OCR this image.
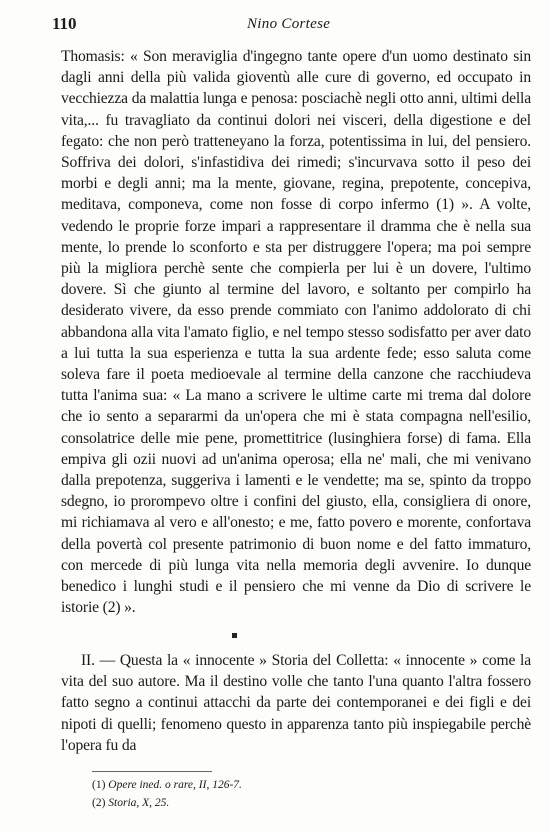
110	Nino Cortese

Thomasis: « Son meraviglia d'ingegno tante opere d'un uomo destinato sin dagli anni della più valida gioventù alle cure di governo, ed occupato in vecchiezza da malattia lunga e penosa: posciachè negli otto anni, ultimi della vita,... fu travagliato da continui dolori nei visceri, della digestione e del fegato: che non però tratteneyano la forza, potentissima in lui, del pensiero. Soffriva dei dolori, s'infastidiva dei rimedi; s'incurvava sotto il peso dei morbi e degli anni; ma la mente, giovane, regina, prepotente, concepiva, meditava, componeva, come non fosse di corpo infermo (1) ». A volte, vedendo le proprie forze impari a rappresentare il dramma che è nella sua mente, lo prende lo sconforto e sta per distruggere l'opera; ma poi sempre più la migliora perchè sente che compierla per lui è un dovere, l'ultimo dovere. Sì che giunto al termine del lavoro, e soltanto per compirlo ha desiderato vivere, da esso prende commiato con l'animo addolorato di chi abbandona alla vita l'amato figlio, e nel tempo stesso sodisfatto per aver dato a lui tutta la sua esperienza e tutta la sua ardente fede; esso saluta come soleva fare il poeta medioevale al termine della canzone che racchiudeva tutta l'anima sua: « La mano a scrivere le ultime carte mi trema dal dolore che io sento a separarmi da un'opera che mi è stata compagna nell'esilio, consolatrice delle mie pene, promettitrice (lusinghiera forse) di fama. Ella empiva gli ozii nuovi ad un'anima operosa; ella ne' mali, che mi venivano dalla prepotenza, suggeriva i lamenti e le vendette; ma se, spinto da troppo sdegno, io prorompevo oltre i confini del giusto, ella, consigliera di onore, mi richiamava al vero e all'onesto; e me, fatto povero e morente, confortava della povertà col presente patrimonio di buon nome e del fatto immaturo, con mercede di più lunga vita nella memoria degli avvenire. Io dunque benedico i lunghi studi e il pensiero che mi venne da Dio di scrivere le istorie (2) ».

II. — Questa la « innocente » Storia del Colletta: « innocente » come la vita del suo autore. Ma il destino volle che tanto l'una quanto l'altra fossero fatto segno a continui attacchi da parte dei contemporanei e dei figli e dei nipoti di quelli; fenomeno questo in apparenza tanto più inspiegabile perchè l'opera fu da

(1) Opere ined. o rare, II, 126-7.
(2) Storia, X, 25.
